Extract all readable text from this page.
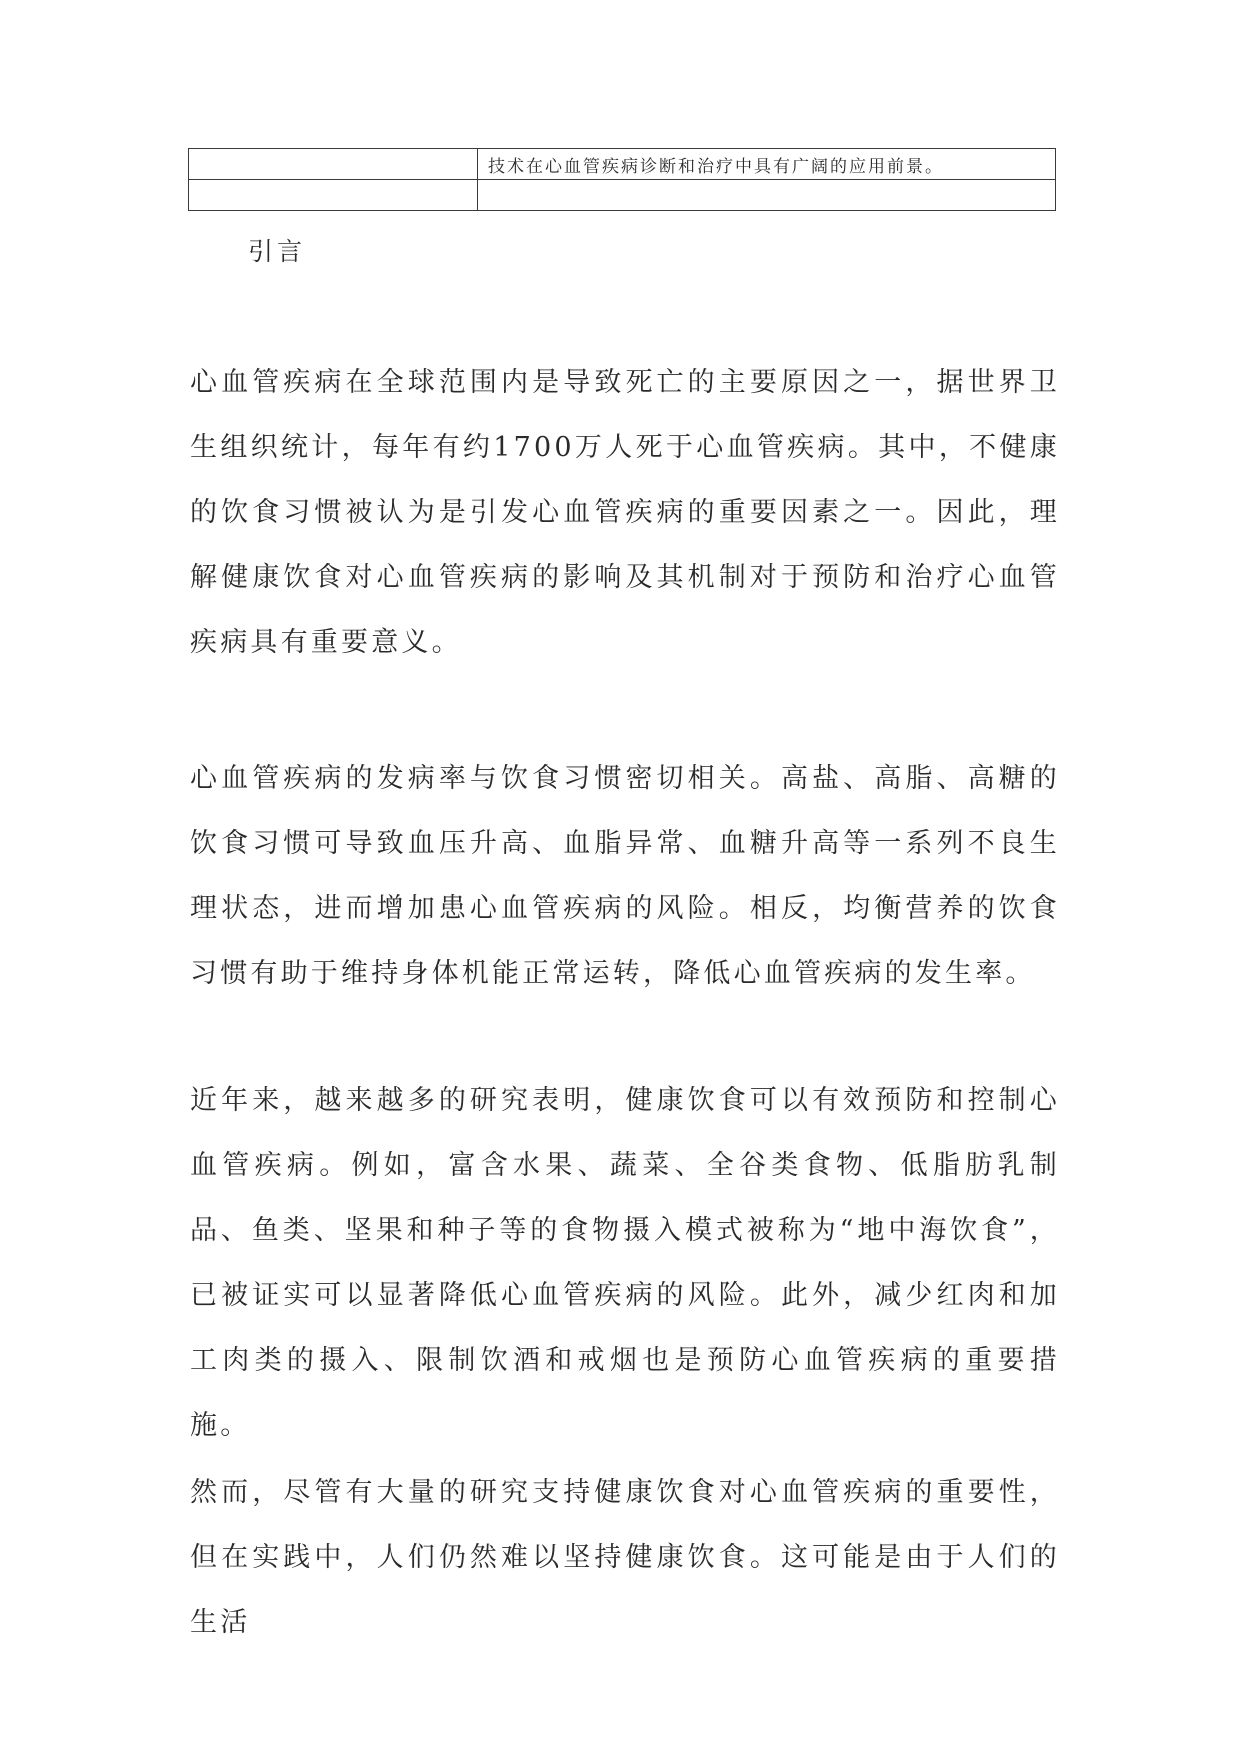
	技术在心血管疾病诊断和治疗中具有广阔的应用前景。

引言

心血管疾病在全球范围内是导致死亡的主要原因之一，据世界卫生组织统计，每年有约1700万人死于心血管疾病。其中，不健康的饮食习惯被认为是引发心血管疾病的重要因素之一。因此，理解健康饮食对心血管疾病的影响及其机制对于预防和治疗心血管疾病具有重要意义。

心血管疾病的发病率与饮食习惯密切相关。高盐、高脂、高糖的饮食习惯可导致血压升高、血脂异常、血糖升高等一系列不良生理状态，进而增加患心血管疾病的风险。相反，均衡营养的饮食习惯有助于维持身体机能正常运转，降低心血管疾病的发生率。

近年来，越来越多的研究表明，健康饮食可以有效预防和控制心血管疾病。例如，富含水果、蔬菜、全谷类食物、低脂肪乳制品、鱼类、坚果和种子等的食物摄入模式被称为“地中海饮食”，已被证实可以显著降低心血管疾病的风险。此外，减少红肉和加工肉类的摄入、限制饮酒和戒烟也是预防心血管疾病的重要措施。

然而，尽管有大量的研究支持健康饮食对心血管疾病的重要性，但在实践中，人们仍然难以坚持健康饮食。这可能是由于人们的生活
